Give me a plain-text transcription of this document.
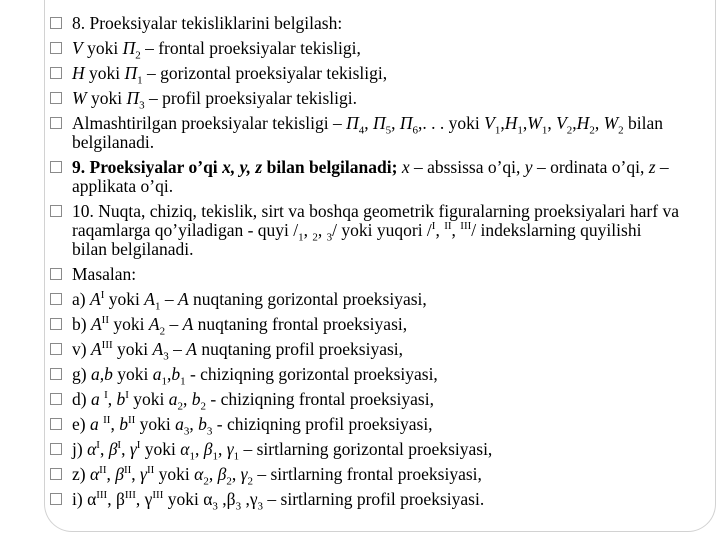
8. Proeksiyalar tekisliklarini belgilash:
V yoki $\Pi_2$ – frontal proeksiyalar tekisligi,
H yoki $\Pi_1$ – gorizontal proeksiyalar tekisligi,
W yoki $\Pi_3$ – profil proeksiyalar tekisligi.
Almashtirilgan proeksiyalar tekisligi – $\Pi_4$, $\Pi_5$, $\Pi_6$,. . . yoki $V_1,H_1,W_1$, $V_2,H_2$, $W_2$ bilan belgilanadi.
9. Proeksiyalar o’qi x, y, z bilan belgilanadi; x – abssissa o’qi, y – ordinata o’qi, z – applikata o’qi.
10. Nuqta, chiziq, tekislik, sirt va boshqa geometrik figuralarning proeksiyalari harf va raqamlarga qo’yiladigan - quyi $/_1$, $_2$, $_3$/ yoki yuqori /$^I$, $^{II}$, $^{III}$/ indekslarning quyilishi bilan belgilanadi.
Masalan:
a) $A^I$ yoki $A_1$ – A nuqtaning gorizontal proeksiyasi,
b) $A^{II}$ yoki $A_2$ – A nuqtaning frontal proeksiyasi,
v) $A^{III}$ yoki $A_3$ – A nuqtaning profil proeksiyasi,
g) a,b yoki $a_1,b_1$ - chiziqning gorizontal proeksiyasi,
d) a $^I$, $b^I$ yoki $a_2$, $b_2$ - chiziqning frontal proeksiyasi,
e) a $^{II}$, $b^{II}$ yoki $a_3$, $b_3$ - chiziqning profil proeksiyasi,
j) $\alpha^I$, $\beta^I$, $\gamma^I$ yoki $\alpha_1$, $\beta_1$, $\gamma_1$ – sirtlarning gorizontal proeksiyasi,
z) $\alpha^{II}$, $\beta^{II}$, $\gamma^{II}$ yoki $\alpha_2$, $\beta_2$, $\gamma_2$ – sirtlarning frontal proeksiyasi,
i) $\alpha^{III}$, $\beta^{III}$, $\gamma^{III}$ yoki $\alpha_3$ $,\beta_3$ $,\gamma_3$ – sirtlarning profil proeksiyasi.
